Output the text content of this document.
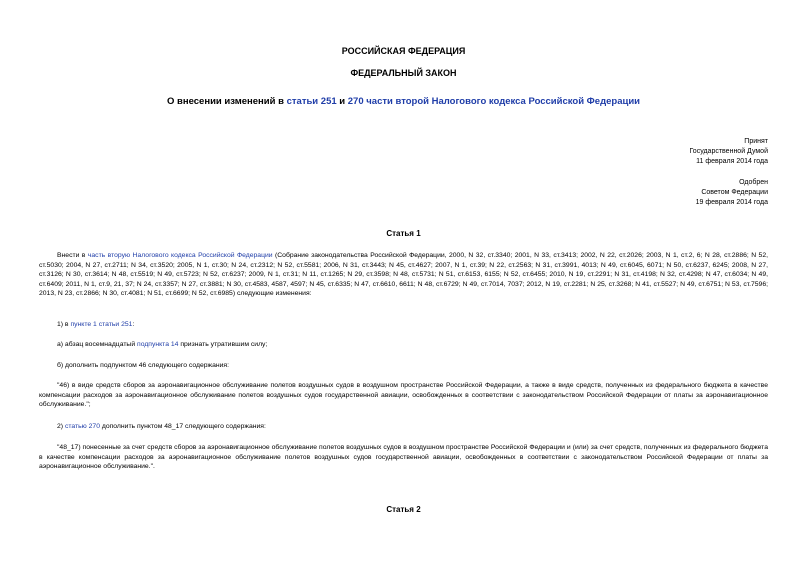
РОССИЙСКАЯ ФЕДЕРАЦИЯ
ФЕДЕРАЛЬНЫЙ ЗАКОН
О внесении изменений в статьи 251 и 270 части второй Налогового кодекса Российской Федерации
Принят
Государственной Думой
11 февраля 2014 года
Одобрен
Советом Федерации
19 февраля 2014 года
Статья 1
Внести в часть вторую Налогового кодекса Российской Федерации (Собрание законодательства Российской Федерации, 2000, N 32, ст.3340; 2001, N 33, ст.3413; 2002, N 22, ст.2026; 2003, N 1, ст.2, 6; N 28, ст.2886; N 52, ст.5030; 2004, N 27, ст.2711; N 34, ст.3520; 2005, N 1, ст.30; N 24, ст.2312; N 52, ст.5581; 2006, N 31, ст.3443; N 45, ст.4627; 2007, N 1, ст.39; N 22, ст.2563; N 31, ст.3991, 4013; N 49, ст.6045, 6071; N 50, ст.6237, 6245; 2008, N 27, ст.3126; N 30, ст.3614; N 48, ст.5519; N 49, ст.5723; N 52, ст.6237; 2009, N 1, ст.31; N 11, ст.1265; N 29, ст.3598; N 48, ст.5731; N 51, ст.6153, 6155; N 52, ст.6455; 2010, N 19, ст.2291; N 31, ст.4198; N 32, ст.4298; N 47, ст.6034; N 49, ст.6409; 2011, N 1, ст.9, 21, 37; N 24, ст.3357; N 27, ст.3881; N 30, ст.4583, 4587, 4597; N 45, ст.6335; N 47, ст.6610, 6611; N 48, ст.6729; N 49, ст.7014, 7037; 2012, N 19, ст.2281; N 25, ст.3268; N 41, ст.5527; N 49, ст.6751; N 53, ст.7596; 2013, N 23, ст.2866; N 30, ст.4081; N 51, ст.6699; N 52, ст.6985) следующие изменения:
1) в пункте 1 статьи 251:
а) абзац восемнадцатый подпункта 14 признать утратившим силу;
б) дополнить подпунктом 46 следующего содержания:
"46) в виде средств сборов за аэронавигационное обслуживание полетов воздушных судов в воздушном пространстве Российской Федерации, а также в виде средств, полученных из федерального бюджета в качестве компенсации расходов за аэронавигационное обслуживание полетов воздушных судов государственной авиации, освобожденных в соответствии с законодательством Российской Федерации от платы за аэронавигационное обслуживание.";
2) статью 270 дополнить пунктом 48_17 следующего содержания:
"48_17) понесенные за счет средств сборов за аэронавигационное обслуживание полетов воздушных судов в воздушном пространстве Российской Федерации и (или) за счет средств, полученных из федерального бюджета в качестве компенсации расходов за аэронавигационное обслуживание полетов воздушных судов государственной авиации, освобожденных в соответствии с законодательством Российской Федерации от платы за аэронавигационное обслуживание.".
Статья 2
